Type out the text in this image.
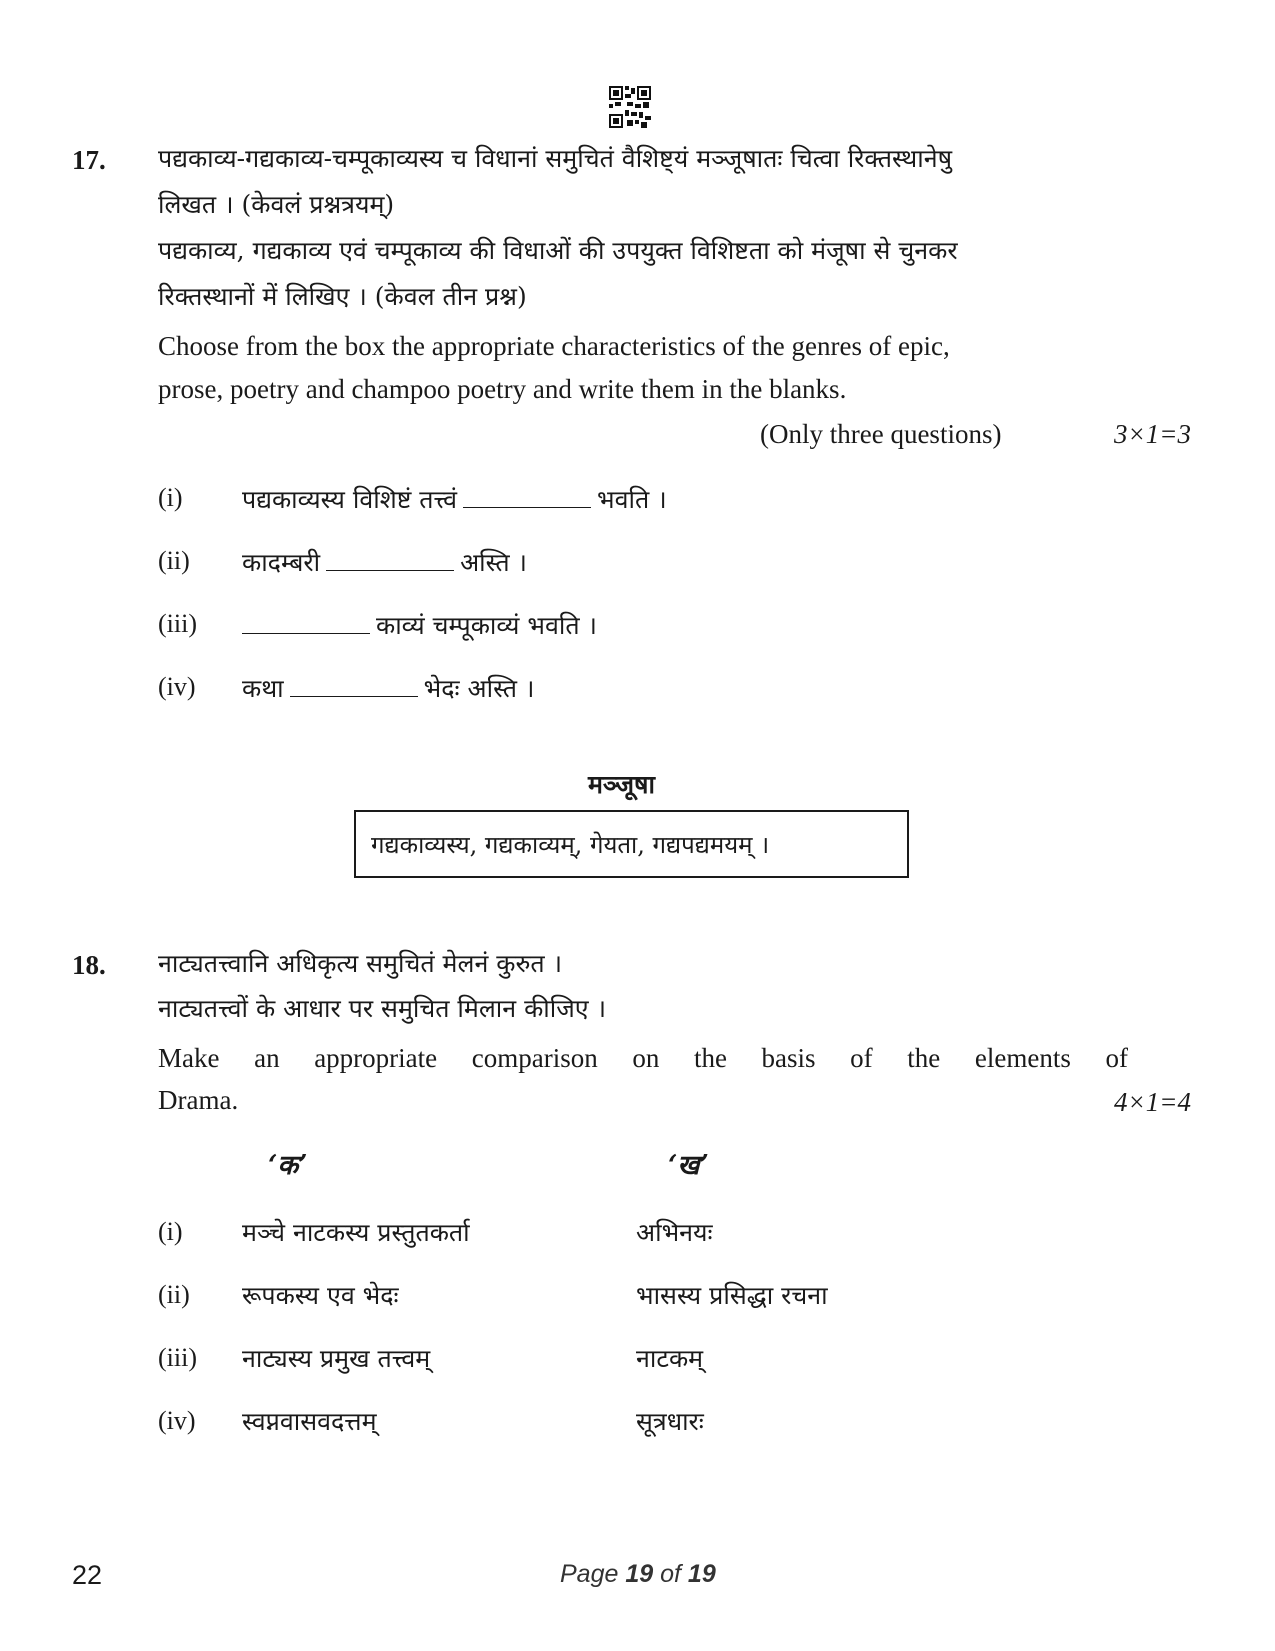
17. पद्यकाव्य-गद्यकाव्य-चम्पूकाव्यस्य च विधानां समुचितं वैशिष्ट्यं मञ्जूषातः चित्वा रिक्तस्थानेषु
लिखत । (केवलं प्रश्नत्रयम्)
पद्यकाव्य, गद्यकाव्य एवं चम्पूकाव्य की विधाओं की उपयुक्त विशिष्टता को मंजूषा से चुनकर
रिक्तस्थानों में लिखिए । (केवल तीन प्रश्न)
Choose from the box the appropriate characteristics of the genres of epic,
prose, poetry and champoo poetry and write them in the blanks.
(Only three questions)	3×1=3
(i) पद्यकाव्यस्य विशिष्टं तत्त्वं	भवति ।
(ii) कादम्बरी	अस्ति ।
(iii)	काव्यं चम्पूकाव्यं भवति ।
(iv) कथा	भेदः अस्ति ।
मञ्जूषा
गद्यकाव्यस्य, गद्यकाव्यम्, गेयता, गद्यपद्यमयम् ।
18. नाट्यतत्त्वानि अधिकृत्य समुचितं मेलनं कुरुत ।
नाट्यतत्त्वों के आधार पर समुचित मिलान कीजिए ।
Make an appropriate comparison on the basis of the elements of
Drama.	4×1=4
‘क’	‘ख’
(i) मञ्चे नाटकस्य प्रस्तुतकर्ता	अभिनयः
(ii) रूपकस्य एव भेदः	भासस्य प्रसिद्धा रचना
(iii) नाट्यस्य प्रमुख तत्त्वम्	नाटकम्
(iv) स्वप्नवासवदत्तम्	सूत्रधारः
22	Page 19 of 19
